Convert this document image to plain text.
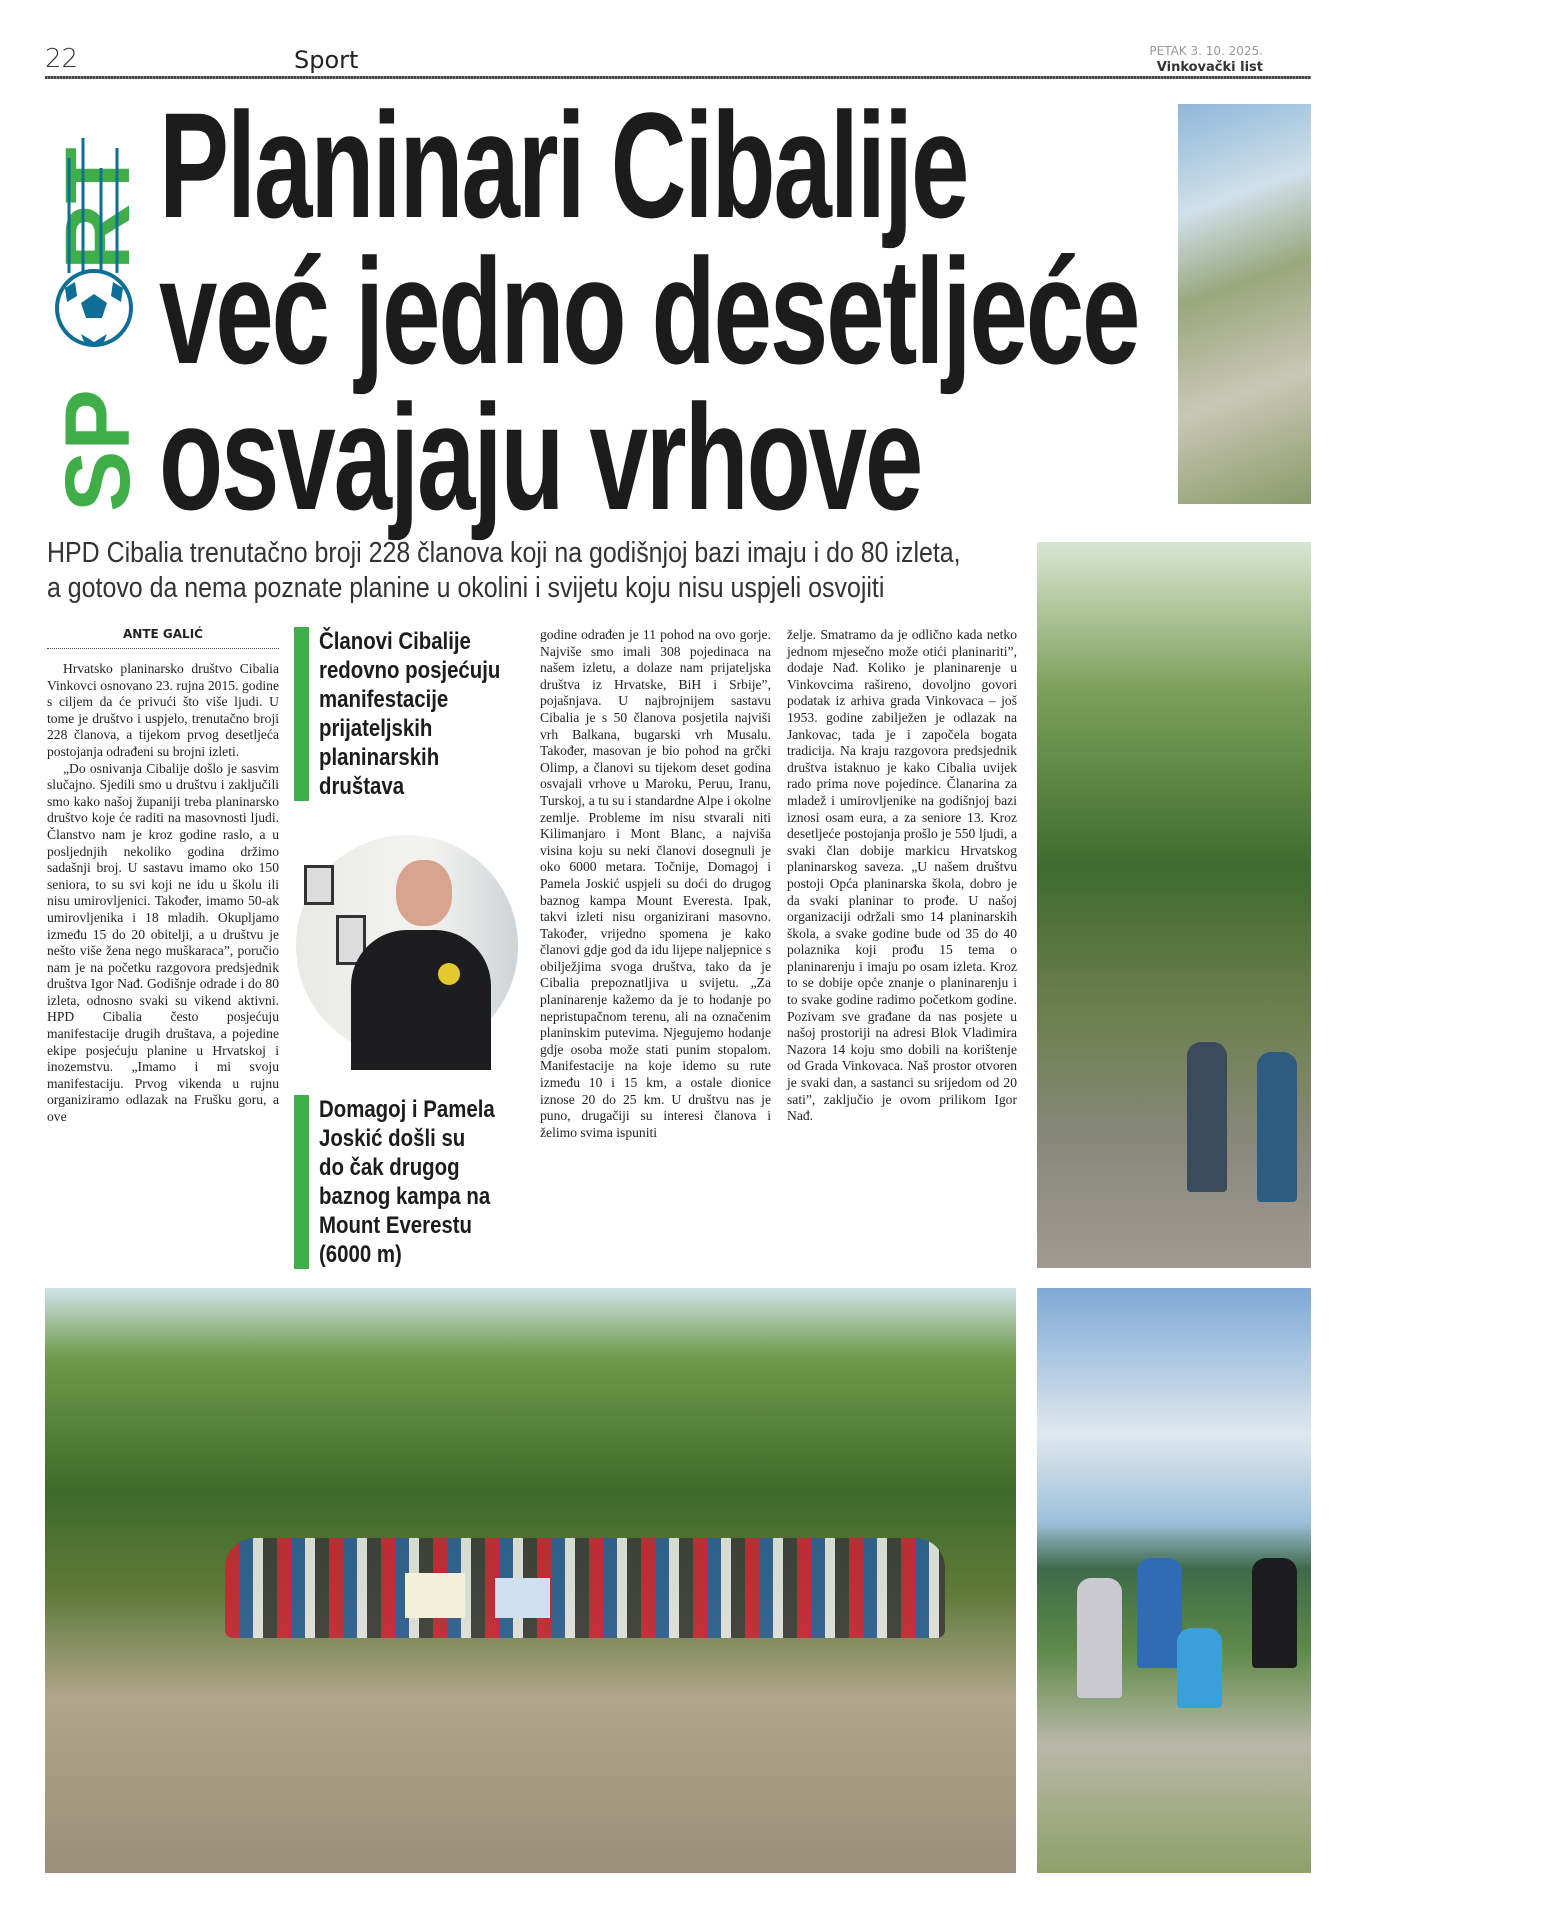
22	Sport	PETAK 3. 10. 2025.
Vinkovački list
SP
RT Planinari Cibalije
već jedno desetljeće
osvajaju vrhove
HPD Cibalia trenutačno broji 228 članova koji na godišnjoj bazi imaju i do 80 izleta,
a gotovo da nema poznate planine u okolini i svijetu koju nisu uspjeli osvojiti
ANTE GALIĆ

Hrvatsko planinarsko društvo Cibalia Vinkovci osnovano 23. rujna 2015. godine s ciljem da će privući što više ljudi. U tome je društvo i uspjelo, trenutačno broji 228 članova, a tijekom prvog desetljeća postojanja odrađeni su brojni izleti.

„Do osnivanja Cibalije došlo je sasvim slučajno. Sjedili smo u društvu i zaključili smo kako našoj županiji treba planinarsko društvo koje će raditi na masovnosti ljudi. Članstvo nam je kroz godine raslo, a u posljednjih nekoliko godina držimo sadašnji broj. U sastavu imamo oko 150 seniora, to su svi koji ne idu u školu ili nisu umirovljenici. Također, imamo 50-ak umirovljenika i 18 mladih. Okupljamo između 15 do 20 obitelji, a u društvu je nešto više žena nego muškaraca”, poručio nam je na početku razgovora predsjednik društva Igor Nađ. Godišnje odrade i do 80 izleta, odnosno svaki su vikend aktivni. HPD Cibalia često posjećuju manifestacije drugih društava, a pojedine ekipe posjećuju planine u Hrvatskoj i inozemstvu. „Imamo i mi svoju manifestaciju. Prvog vikenda u rujnu organiziramo odlazak na Frušku goru, a ove

Članovi Cibalije
redovno posjećuju
manifestacije
prijateljskih
planinarskih
društava
Domagoj i Pamela
Joskić došli su
do čak drugog
baznog kampa na
Mount Everestu
(6000 m)

godine odrađen je 11 pohod na ovo gorje. Najviše smo imali 308 pojedinaca na našem izletu, a dolaze nam prijateljska društva iz Hrvatske, BiH i Srbije”, pojašnjava. U najbrojnijem sastavu Cibalia je s 50 članova posjetila najviši vrh Balkana, bugarski vrh Musalu. Također, masovan je bio pohod na grčki Olimp, a članovi su tijekom deset godina osvajali vrhove u Maroku, Peruu, Iranu, Turskoj, a tu su i standardne Alpe i okolne zemlje. Probleme im nisu stvarali niti Kilimanjaro i Mont Blanc, a najviša visina koju su neki članovi dosegnuli je oko 6000 metara. Točnije, Domagoj i Pamela Joskić uspjeli su doći do drugog baznog kampa Mount Everesta. Ipak, takvi izleti nisu organizirani masovno. Također, vrijedno spomena je kako članovi gdje god da idu lijepe naljepnice s obilježjima svoga društva, tako da je Cibalia prepoznatljiva u svijetu. „Za planinarenje kažemo da je to hodanje po nepristupačnom terenu, ali na označenim planinskim putevima. Njegujemo hodanje gdje osoba može stati punim stopalom. Manifestacije na koje idemo su rute između 10 i 15 km, a ostale dionice iznose 20 do 25 km. U društvu nas je puno, drugačiji su interesi članova i želimo svima ispuniti

želje. Smatramo da je odlično kada netko jednom mjesečno može otići planinariti”, dodaje Nađ. Koliko je planinarenje u Vinkovcima rašireno, dovoljno govori podatak iz arhiva grada Vinkovaca – još 1953. godine zabilježen je odlazak na Jankovac, tada je i započela bogata tradicija. Na kraju razgovora predsjednik društva istaknuo je kako Cibalia uvijek rado prima nove pojedince. Članarina za mladež i umirovljenike na godišnjoj bazi iznosi osam eura, a za seniore 13. Kroz desetljeće postojanja prošlo je 550 ljudi, a svaki član dobije markicu Hrvatskog planinarskog saveza. „U našem društvu postoji Opća planinarska škola, dobro je da svaki planinar to prođe. U našoj organizaciji održali smo 14 planinarskih škola, a svake godine bude od 35 do 40 polaznika koji prođu 15 tema o planinarenju i imaju po osam izleta. Kroz to se dobije opće znanje o planinarenju i to svake godine radimo početkom godine. Pozivam sve građane da nas posjete u našoj prostoriji na adresi Blok Vladimira Nazora 14 koju smo dobili na korištenje od Grada Vinkovaca. Naš prostor otvoren je svaki dan, a sastanci su srijedom od 20 sati”, zaključio je ovom prilikom Igor Nađ.
